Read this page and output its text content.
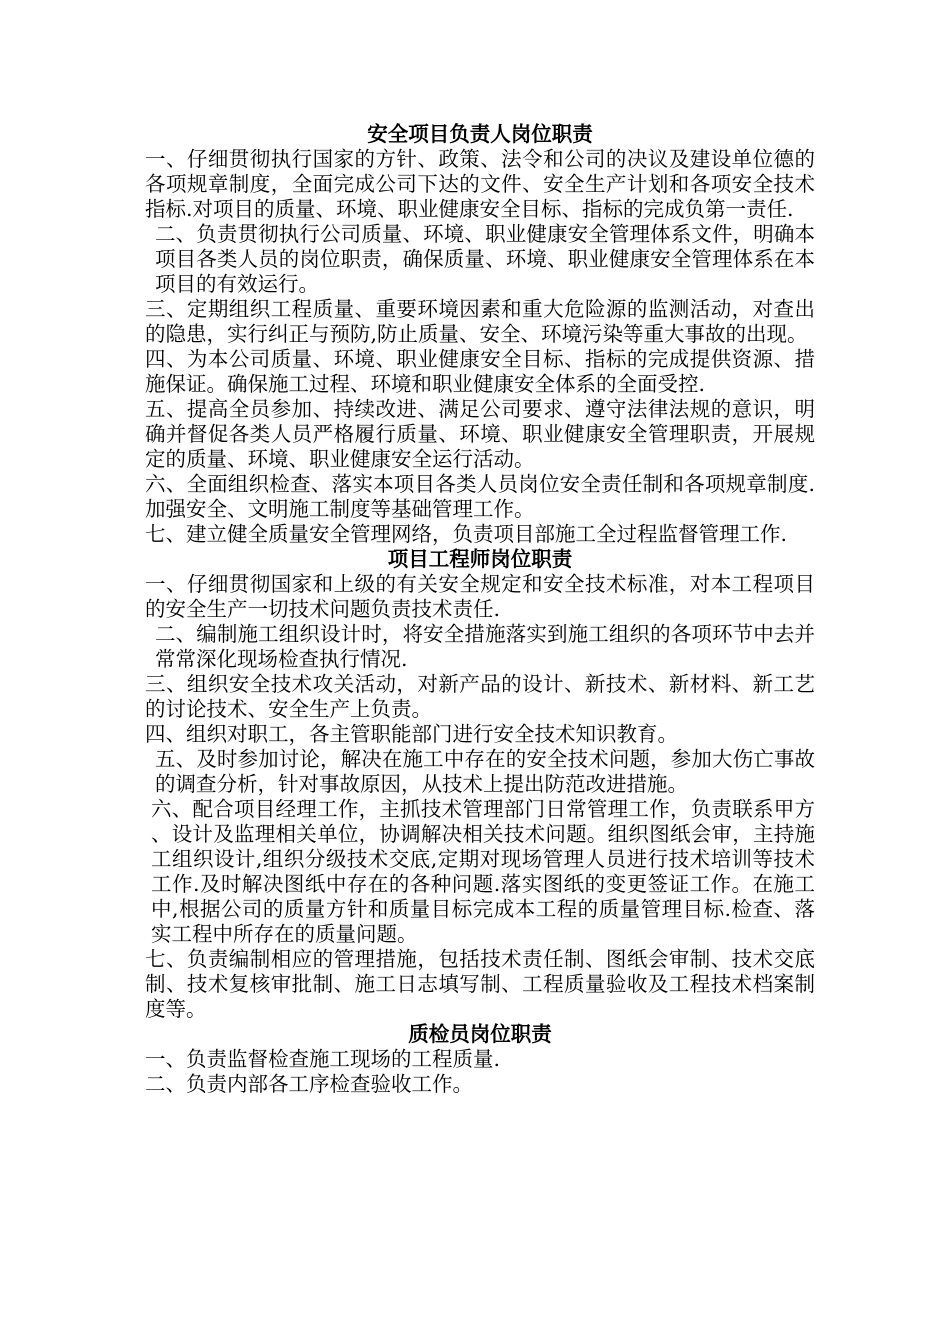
安全项目负责人岗位职责

一、仔细贯彻执行国家的方针、政策、法令和公司的决议及建设单位德的各项规章制度，全面完成公司下达的文件、安全生产计划和各项安全技术指标.对项目的质量、环境、职业健康安全目标、指标的完成负第一责任.

二、负责贯彻执行公司质量、环境、职业健康安全管理体系文件，明确本项目各类人员的岗位职责，确保质量、环境、职业健康安全管理体系在本项目的有效运行。

三、定期组织工程质量、重要环境因素和重大危险源的监测活动，对查出的隐患，实行纠正与预防,防止质量、安全、环境污染等重大事故的出现。

四、为本公司质量、环境、职业健康安全目标、指标的完成提供资源、措施保证。确保施工过程、环境和职业健康安全体系的全面受控.

五、提高全员参加、持续改进、满足公司要求、遵守法律法规的意识，明确并督促各类人员严格履行质量、环境、职业健康安全管理职责，开展规定的质量、环境、职业健康安全运行活动。

六、全面组织检查、落实本项目各类人员岗位安全责任制和各项规章制度.加强安全、文明施工制度等基础管理工作。

七、建立健全质量安全管理网络，负责项目部施工全过程监督管理工作.

项目工程师岗位职责

一、仔细贯彻国家和上级的有关安全规定和安全技术标准，对本工程项目的安全生产一切技术问题负责技术责任.

二、编制施工组织设计时，将安全措施落实到施工组织的各项环节中去并常常深化现场检查执行情况.

三、组织安全技术攻关活动，对新产品的设计、新技术、新材料、新工艺的讨论技术、安全生产上负责。

四、组织对职工，各主管职能部门进行安全技术知识教育。

五、及时参加讨论，解决在施工中存在的安全技术问题，参加大伤亡事故的调查分析，针对事故原因，从技术上提出防范改进措施。

六、配合项目经理工作，主抓技术管理部门日常管理工作，负责联系甲方、设计及监理相关单位，协调解决相关技术问题。组织图纸会审，主持施工组织设计,组织分级技术交底,定期对现场管理人员进行技术培训等技术工作.及时解决图纸中存在的各种问题.落实图纸的变更签证工作。在施工中,根据公司的质量方针和质量目标完成本工程的质量管理目标.检查、落实工程中所存在的质量问题。

七、负责编制相应的管理措施，包括技术责任制、图纸会审制、技术交底制、技术复核审批制、施工日志填写制、工程质量验收及工程技术档案制度等。

质检员岗位职责

一、负责监督检查施工现场的工程质量.

二、负责内部各工序检查验收工作。
